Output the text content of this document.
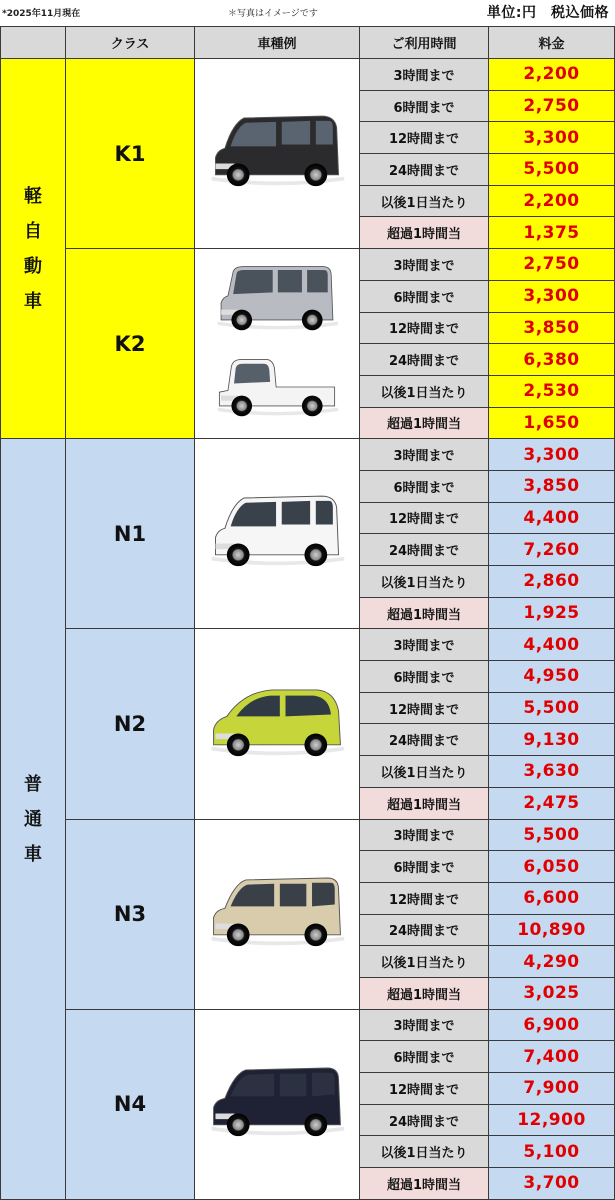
*2025年11月現在	＊写真はイメージです	単位:円　税込価格
	クラス	車種例	ご利用時間	料金
軽
自
動
車	K1		3時間まで	2,200
			6時間まで	2,750
			12時間まで	3,300
			24時間まで	5,500
			以後1日当たり	2,200
			超過1時間当	1,375
	K2		3時間まで	2,750
			6時間まで	3,300
			12時間まで	3,850
			24時間まで	6,380
			以後1日当たり	2,530
			超過1時間当	1,650
普
通
車	N1		3時間まで	3,300
			6時間まで	3,850
			12時間まで	4,400
			24時間まで	7,260
			以後1日当たり	2,860
			超過1時間当	1,925
	N2		3時間まで	4,400
			6時間まで	4,950
			12時間まで	5,500
			24時間まで	9,130
			以後1日当たり	3,630
			超過1時間当	2,475
	N3		3時間まで	5,500
			6時間まで	6,050
			12時間まで	6,600
			24時間まで	10,890
			以後1日当たり	4,290
			超過1時間当	3,025
	N4		3時間まで	6,900
			6時間まで	7,400
			12時間まで	7,900
			24時間まで	12,900
			以後1日当たり	5,100
			超過1時間当	3,700
